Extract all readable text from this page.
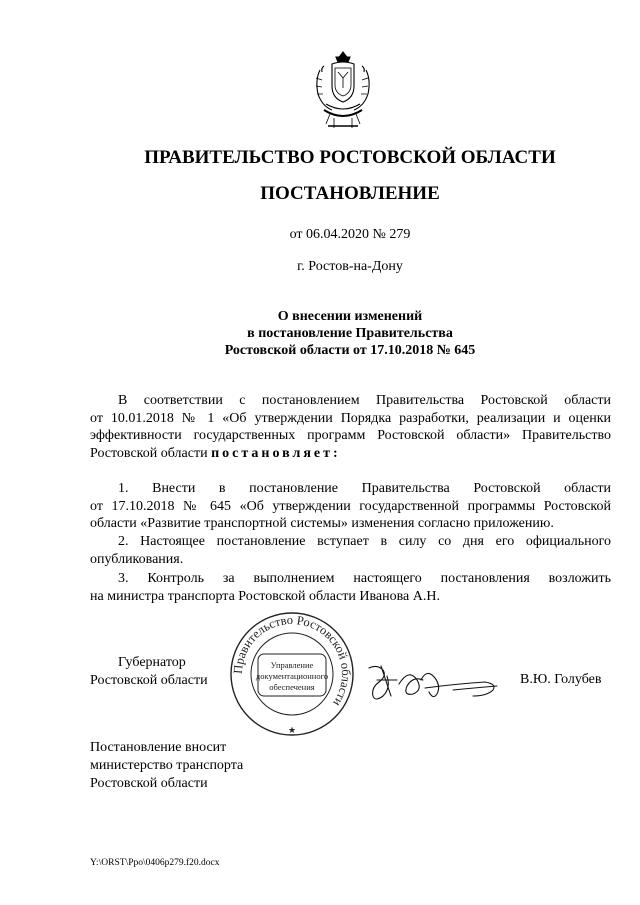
ПРАВИТЕЛЬСТВО РОСТОВСКОЙ ОБЛАСТИ
ПОСТАНОВЛЕНИЕ
от 06.04.2020 № 279
г. Ростов-на-Дону
О внесении изменений
в постановление Правительства
Ростовской области от 17.10.2018 № 645
В соответствии с постановлением Правительства Ростовской области
от 10.01.2018 № 1 «Об утверждении Порядка разработки, реализации и оценки
эффективности государственных программ Ростовской области» Правительство
Ростовской области постановляет:
1. Внести в постановление Правительства Ростовской области
от 17.10.2018 № 645 «Об утверждении государственной программы Ростовской
области «Развитие транспортной системы» изменения согласно приложению.
2. Настоящее постановление вступает в силу со дня его официального
опубликования.
3. Контроль за выполнением настоящего постановления возложить
на министра транспорта Ростовской области Иванова А.Н.
Губернатор
Ростовской области
Правительство Ростовской области
★
Управление
документационного
обеспечения	В.Ю. Голубев
Постановление вносит
министерство транспорта
Ростовской области
Y:\ORST\Ppo\0406p279.f20.docx
